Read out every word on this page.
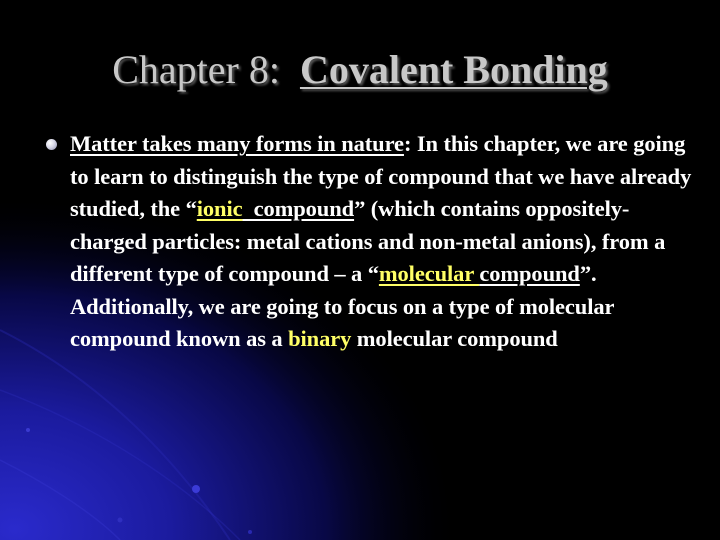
Chapter 8: Covalent Bonding
Matter takes many forms in nature: In this chapter, we are going to learn to distinguish the type of compound that we have already studied, the “ionic  compound” (which contains oppositely-charged particles: metal cations and non-metal anions), from a different type of compound – a “molecular compound”. Additionally, we are going to focus on a type of molecular compound known as a binary molecular compound
